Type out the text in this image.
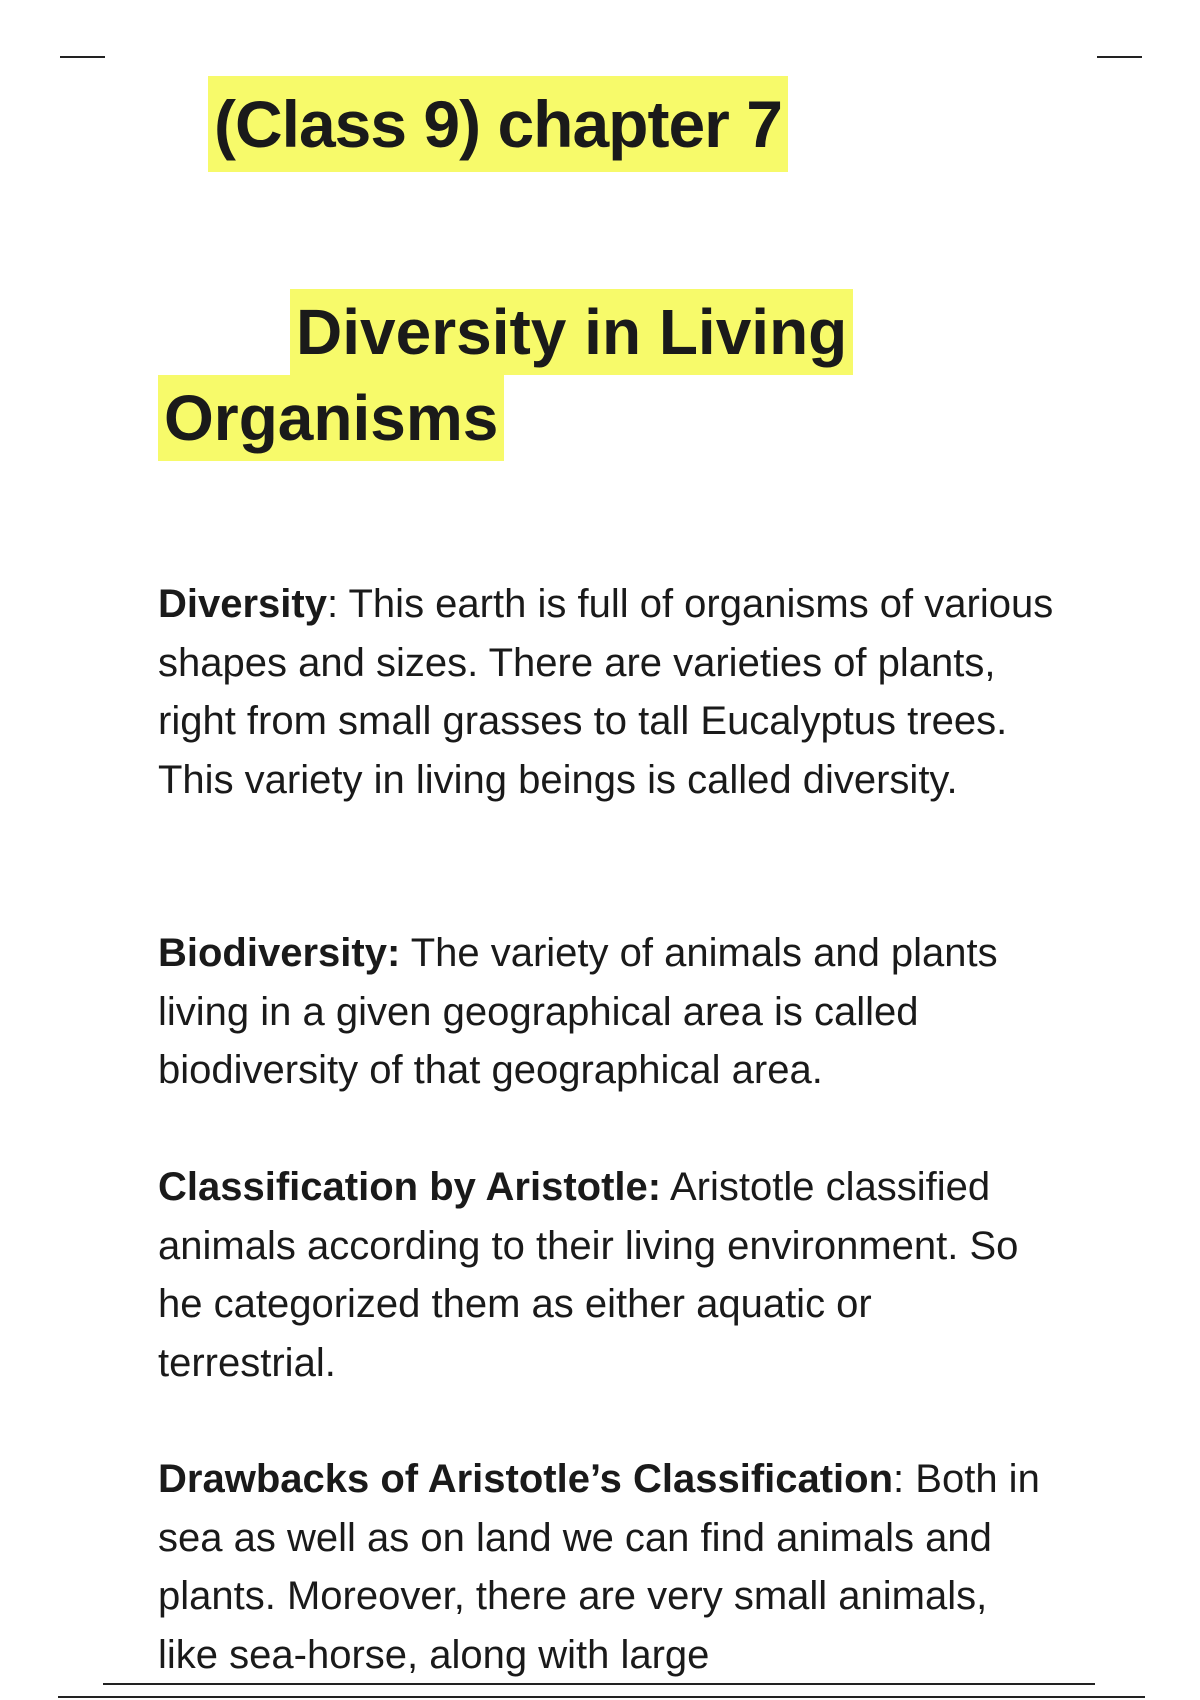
(Class 9) chapter 7
Diversity in Living
Organisms
Diversity: This earth is full of organisms of various shapes and sizes. There are varieties of plants, right from small grasses to tall Eucalyptus trees. This variety in living beings is called diversity.
Biodiversity: The variety of animals and plants living in a given geographical area is called biodiversity of that geographical area.
Classification by Aristotle: Aristotle classified animals according to their living environment. So he categorized them as either aquatic or terrestrial.
Drawbacks of Aristotle’s Classification: Both in sea as well as on land we can find animals and plants. Moreover, there are very small animals, like sea-horse, along with large
